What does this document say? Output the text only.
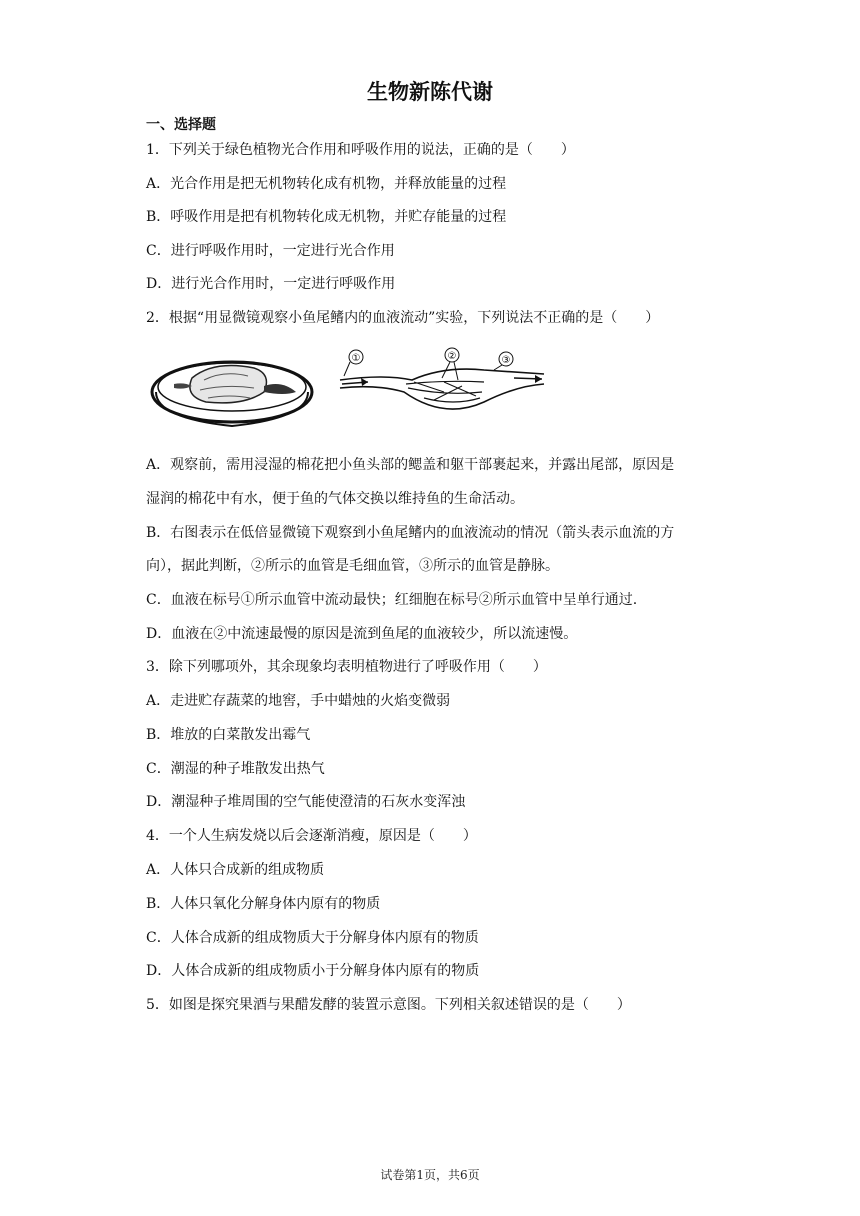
生物新陈代谢
一、选择题
1．下列关于绿色植物光合作用和呼吸作用的说法，正确的是（　　）
A．光合作用是把无机物转化成有机物，并释放能量的过程
B．呼吸作用是把有机物转化成无机物，并贮存能量的过程
C．进行呼吸作用时，一定进行光合作用
D．进行光合作用时，一定进行呼吸作用
2．根据“用显微镜观察小鱼尾鳍内的血液流动”实验，下列说法不正确的是（　　）
①	②	③
A．观察前，需用浸湿的棉花把小鱼头部的鳃盖和躯干部裹起来，并露出尾部，原因是
湿润的棉花中有水，便于鱼的气体交换以维持鱼的生命活动。
B．右图表示在低倍显微镜下观察到小鱼尾鳍内的血液流动的情况（箭头表示血流的方
向），据此判断，②所示的血管是毛细血管，③所示的血管是静脉。
C．血液在标号①所示血管中流动最快；红细胞在标号②所示血管中呈单行通过.
D．血液在②中流速最慢的原因是流到鱼尾的血液较少，所以流速慢。
3．除下列哪项外，其余现象均表明植物进行了呼吸作用（　　）
A．走进贮存蔬菜的地窖，手中蜡烛的火焰变微弱
B．堆放的白菜散发出霉气
C．潮湿的种子堆散发出热气
D．潮湿种子堆周围的空气能使澄清的石灰水变浑浊
4．一个人生病发烧以后会逐渐消瘦，原因是（　　）
A．人体只合成新的组成物质
B．人体只氧化分解身体内原有的物质
C．人体合成新的组成物质大于分解身体内原有的物质
D．人体合成新的组成物质小于分解身体内原有的物质
5．如图是探究果酒与果醋发酵的装置示意图。下列相关叙述错误的是（　　）
试卷第1页，共6页
